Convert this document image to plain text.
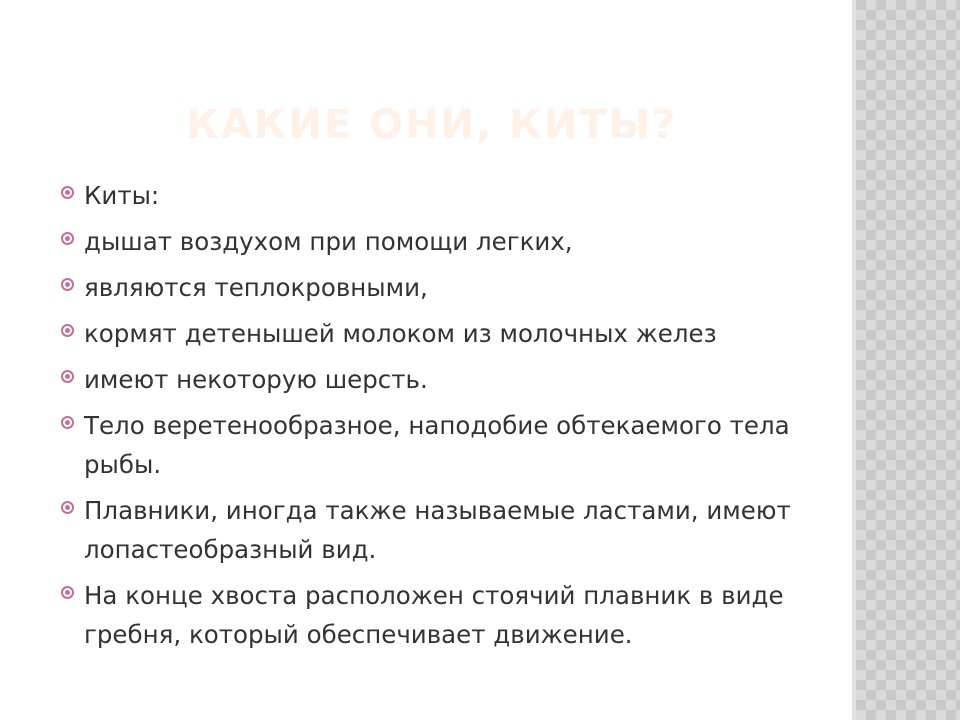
КАКИЕ ОНИ, КИТЫ?
Киты:
дышат воздухом при помощи легких,
являются теплокровными,
кормят детенышей молоком из молочных желез
имеют некоторую шерсть.
Тело веретенообразное, наподобие обтекаемого тела рыбы.
Плавники, иногда также называемые ластами, имеют лопастеобразный вид.
На конце хвоста расположен стоячий плавник в виде гребня, который обеспечивает движение.
